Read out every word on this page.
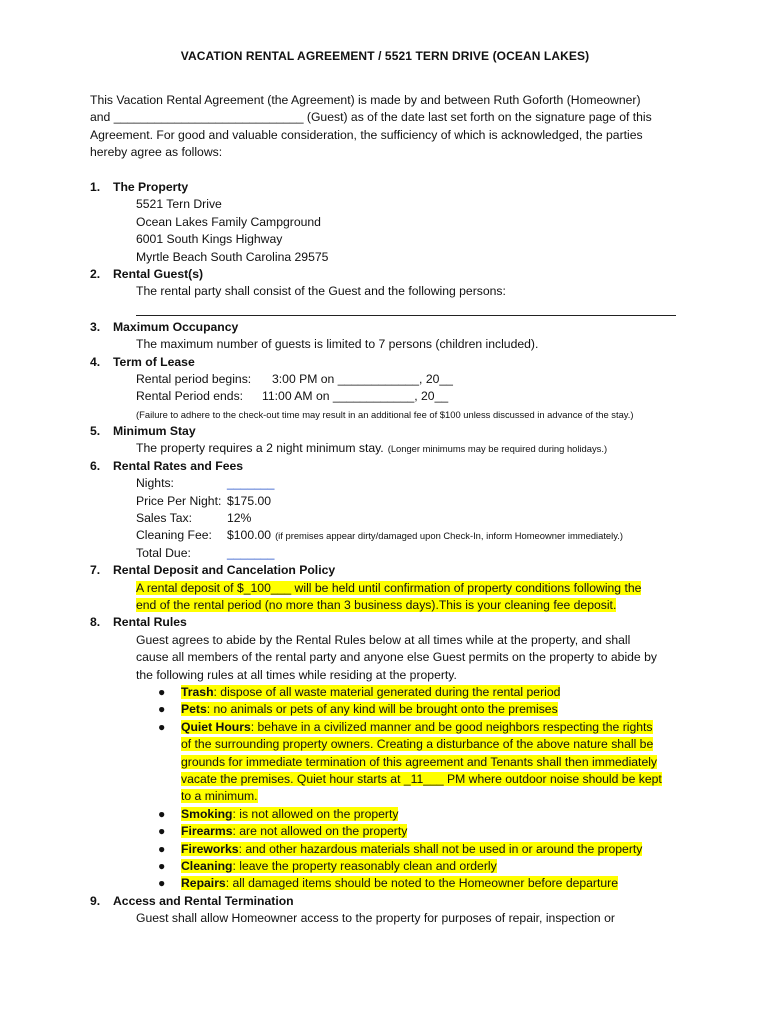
VACATION RENTAL AGREEMENT / 5521 TERN DRIVE (OCEAN LAKES)
This Vacation Rental Agreement (the Agreement) is made by and between Ruth Goforth (Homeowner)
and ____________________________ (Guest) as of the date last set forth on the signature page of this
Agreement. For good and valuable consideration, the sufficiency of which is acknowledged, the parties
hereby agree as follows:
1.	The Property
5521 Tern Drive
Ocean Lakes Family Campground
6001 South Kings Highway
Myrtle Beach South Carolina 29575
2.	Rental Guest(s)
The rental party shall consist of the Guest and the following persons:
3.	Maximum Occupancy
The maximum number of guests is limited to 7 persons (children included).
4.	Term of Lease
Rental period begins:	3:00 PM on ____________, 20__
Rental Period ends:	11:00 AM on ____________, 20__
(Failure to adhere to the check-out time may result in an additional fee of $100 unless discussed in advance of the stay.)
5.	Minimum Stay
The property requires a 2 night minimum stay. (Longer minimums may be required during holidays.)
6.	Rental Rates and Fees
Nights:	_______
Price Per Night: $175.00
Sales Tax:	12%
Cleaning Fee:	$100.00 (if premises appear dirty/damaged upon Check-In, inform Homeowner immediately.)
Total Due:	_______
7.	Rental Deposit and Cancelation Policy
A rental deposit of $_100___ will be held until confirmation of property conditions following the
end of the rental period (no more than 3 business days).This is your cleaning fee deposit.
8.	Rental Rules
Guest agrees to abide by the Rental Rules below at all times while at the property, and shall
cause all members of the rental party and anyone else Guest permits on the property to abide by
the following rules at all times while residing at the property.
●	Trash: dispose of all waste material generated during the rental period
●	Pets: no animals or pets of any kind will be brought onto the premises
●	Quiet Hours: behave in a civilized manner and be good neighbors respecting the rights
of the surrounding property owners. Creating a disturbance of the above nature shall be
grounds for immediate termination of this agreement and Tenants shall then immediately
vacate the premises. Quiet hour starts at _11___ PM where outdoor noise should be kept
to a minimum.
●	Smoking: is not allowed on the property
●	Firearms: are not allowed on the property
●	Fireworks: and other hazardous materials shall not be used in or around the property
●	Cleaning: leave the property reasonably clean and orderly
●	Repairs: all damaged items should be noted to the Homeowner before departure
9.	Access and Rental Termination
Guest shall allow Homeowner access to the property for purposes of repair, inspection or
